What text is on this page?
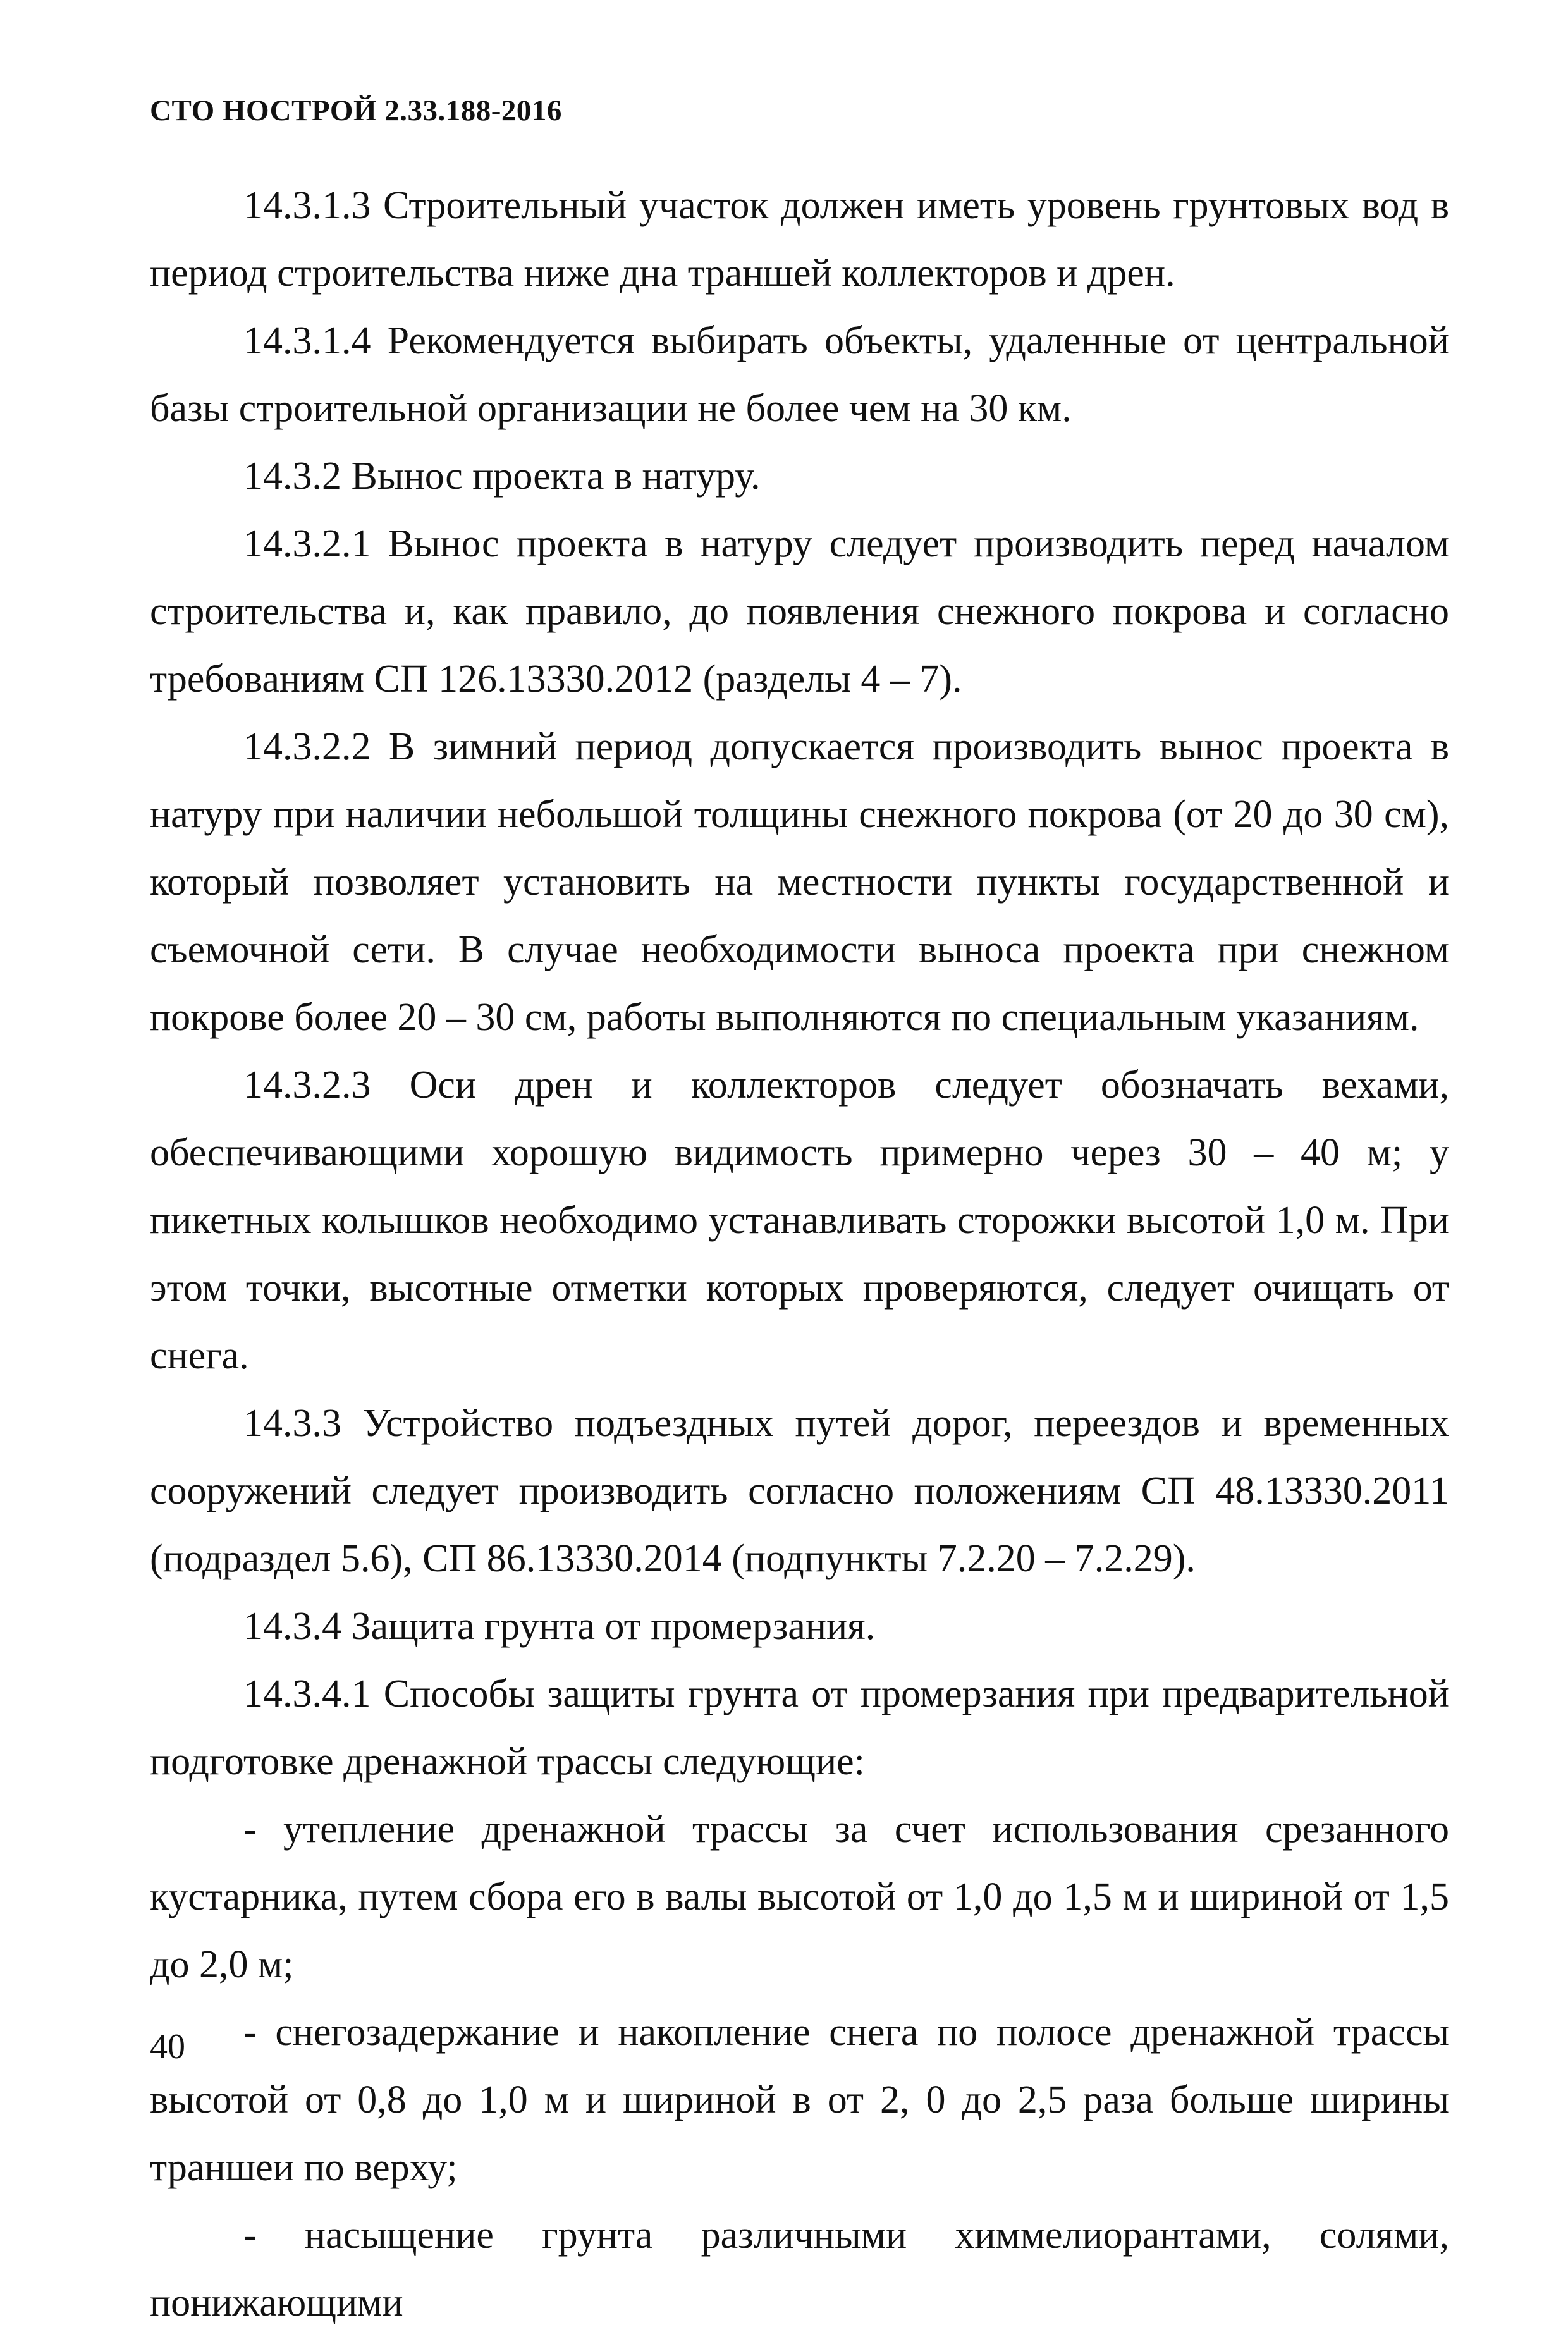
СТО НОСТРОЙ 2.33.188-2016

14.3.1.3 Строительный участок должен иметь уровень грунтовых вод в период строительства ниже дна траншей коллекторов и дрен.

14.3.1.4 Рекомендуется выбирать объекты, удаленные от центральной базы строительной организации не более чем на 30 км.

14.3.2 Вынос проекта в натуру.

14.3.2.1 Вынос проекта в натуру следует производить перед началом строительства и, как правило, до появления снежного покрова и согласно требованиям СП 126.13330.2012 (разделы 4 – 7).

14.3.2.2 В зимний период допускается производить вынос проекта в натуру при наличии небольшой толщины снежного покрова (от 20 до 30 см), который позволяет установить на местности пункты государственной и съемочной сети. В случае необходимости выноса проекта при снежном покрове более 20 – 30 см, работы выполняются по специальным указаниям.

14.3.2.3 Оси дрен и коллекторов следует обозначать вехами, обеспечивающими хорошую видимость примерно через 30 – 40 м; у пикетных колышков необходимо устанавливать сторожки высотой 1,0 м. При этом точки, высотные отметки которых проверяются, следует очищать от снега.

14.3.3 Устройство подъездных путей дорог, переездов и временных сооружений следует производить согласно положениям СП 48.13330.2011 (подраздел 5.6), СП 86.13330.2014 (подпункты 7.2.20 – 7.2.29).

14.3.4 Защита грунта от промерзания.

14.3.4.1 Способы защиты грунта от промерзания при предварительной подготовке дренажной трассы следующие:

- утепление дренажной трассы за счет использования срезанного кустарника, путем сбора его в валы высотой от 1,0 до 1,5 м и шириной от 1,5 до 2,0 м;

- снегозадержание и накопление снега по полосе дренажной трассы высотой от 0,8 до 1,0 м и шириной в от 2, 0 до 2,5 раза больше ширины траншеи по верху;

- насыщение грунта различными химмелиорантами, солями, понижающими

40
